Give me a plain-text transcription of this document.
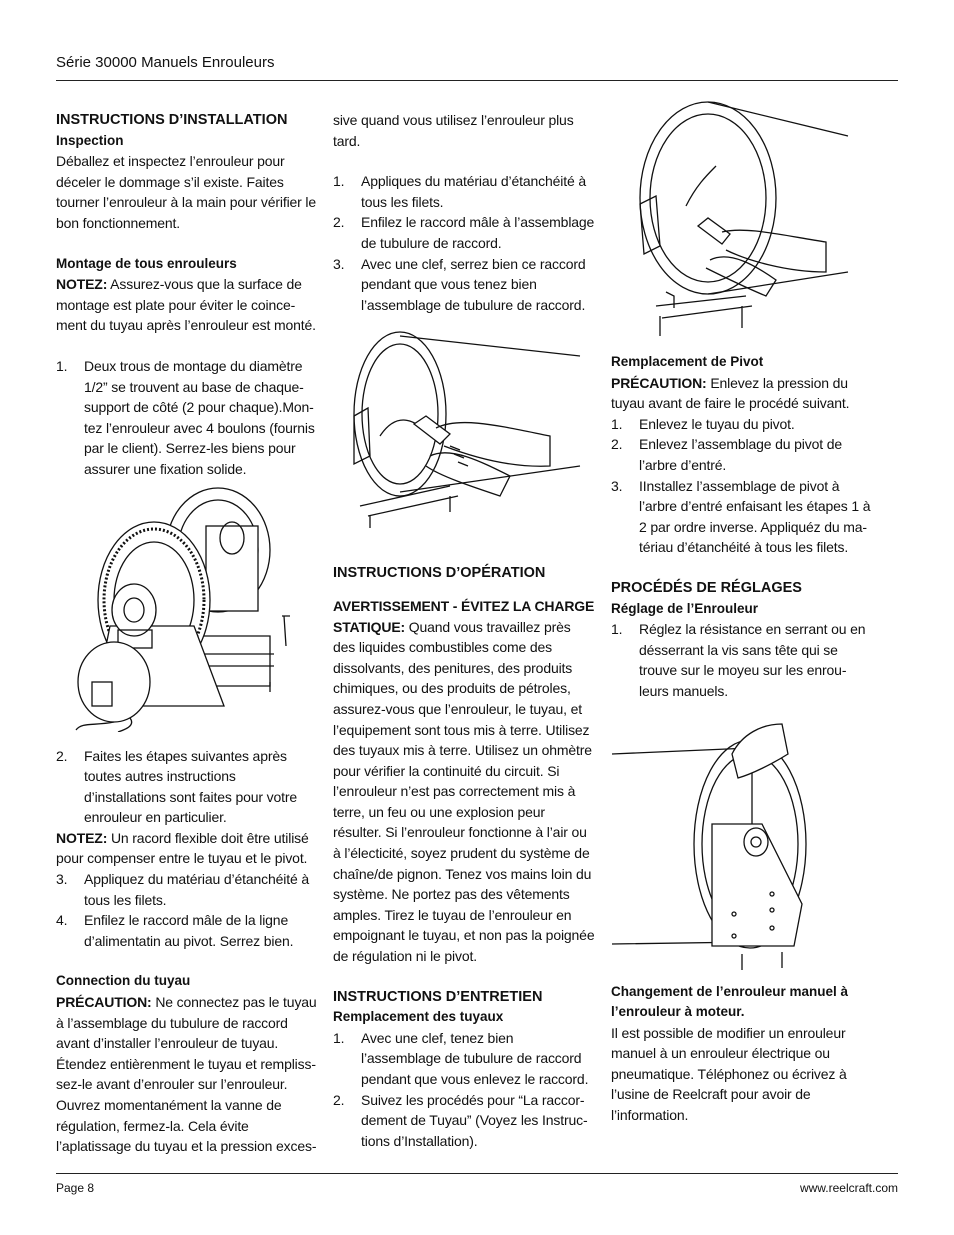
Série 30000 Manuels Enrouleurs

INSTRUCTIONS D’INSTALLATION

Inspection

Déballez et inspectez l’enrouleur pour déceler le dommage s’il existe. Faites tourner l’enrouleur à la main pour vérifier le bon fonctionnement.

Montage de tous enrouleurs

NOTEZ: Assurez-vous que la surface de montage est plate pour éviter le coincement du tuyau après l’enrouleur est monté.

1. Deux trous de montage du diamètre 1/2” se trouvent au base de chaque-support de côté (2 pour chaque).Montez l’enrouleur avec 4 boulons (fournis par le client). Serrez-les biens pour assurer une fixation solide.
2. Faites les étapes suivantes après toutes autres instructions d’installations sont faites pour votre enrouleur en particulier.

NOTEZ: Un racord flexible doit être utilisé pour compenser entre le tuyau et le pivot.

3. Appliquez du matériau d’étanchéité à tous les filets.
4. Enfilez le raccord mâle de la ligne d’alimentatin au pivot. Serrez bien.

Connection du tuyau

PRÉCAUTION: Ne connectez pas le tuyau à l’assemblage du tubulure de raccord avant d’installer l’enrouleur de tuyau. Étendez entièrenment le tuyau et remplisssez-le avant d’enrouler sur l’enrouleur. Ouvrez momentanément la vanne de régulation, fermez-la. Cela évite l’aplatissage du tuyau et la pression exces-

sive quand vous utilisez l’enrouleur plus tard.

1. Appliques du matériau d’étanchéité à tous les filets.
2. Enfilez le raccord mâle à l’assemblage de tubulure de raccord.
3. Avec une clef, serrez bien ce raccord pendant que vous tenez bien l’assemblage de tubulure de raccord.

INSTRUCTIONS D’OPÉRATION

AVERTISSEMENT - ÉVITEZ LA CHARGE STATIQUE: Quand vous travaillez près des liquides combustibles come des dissolvants, des penitures, des produits chimiques, ou des produits de pétroles, assurez-vous que l’enrouleur, le tuyau, et l’equipement sont tous mis à terre. Utilisez des tuyaux mis à terre. Utilisez un ohmètre pour vérifier la continuité du circuit. Si l’enrouleur n’est pas correctement mis à terre, un feu ou une explosion peur résulter. Si l’enrouleur fonctionne à l’air ou à l’électicité, soyez prudent du système de chaîne/de pignon. Tenez vos mains loin du système. Ne portez pas des vêtements amples. Tirez le tuyau de l’enrouleur en empoignant le tuyau, et non pas la poignée de régulation ni le pivot.

INSTRUCTIONS D’ENTRETIEN

Remplacement des tuyaux

1. Avec une clef, tenez bien l’assemblage de tubulure de raccord pendant que vous enlevez le raccord.
2. Suivez les procédés pour “La raccordement de Tuyau” (Voyez les Instructions d’Installation).

Remplacement de Pivot

PRÉCAUTION: Enlevez la pression du tuyau avant de faire le procédé suivant.

1. Enlevez le tuyau du pivot.
2. Enlevez l’assemblage du pivot de l’arbre d’entré.
3. IInstallez l’assemblage de pivot à l’arbre d’entré enfaisant les étapes 1 à 2 par ordre inverse. Appliquéz du matériau d’étanchéité à tous les filets.

PROCÉDÉS DE RÉGLAGES

Réglage de l’Enrouleur

1. Réglez la résistance en serrant ou en désserrant la vis sans tête qui se trouve sur le moyeu sur les enrouleurs manuels.

Changement de l’enrouleur manuel à l’enrouleur à moteur.

Il est possible de modifier un enrouleur manuel à un enrouleur électrique ou pneumatique. Téléphonez ou écrivez à l’usine de Reelcraft pour avoir de l’information.

Page 8	www.reelcraft.com
